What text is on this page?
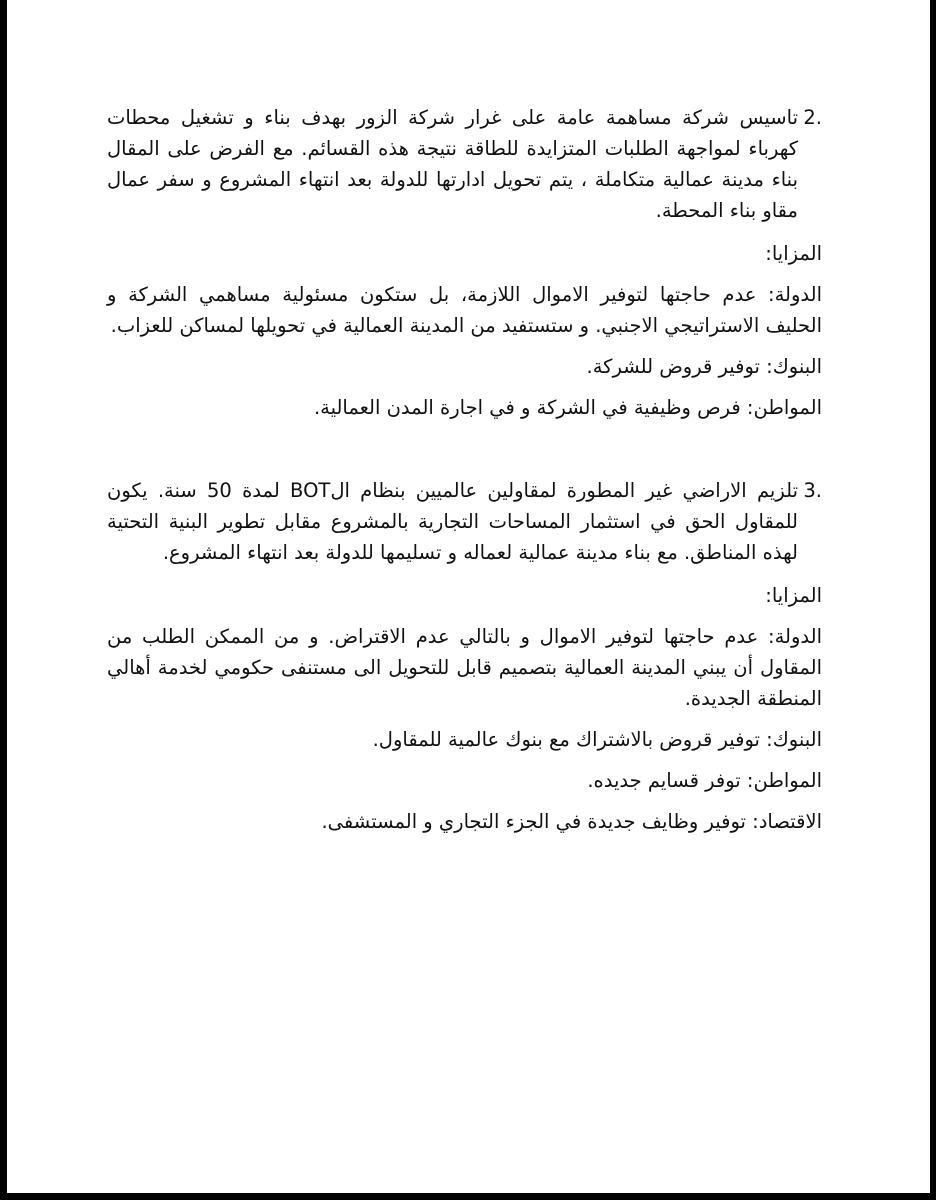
2.

تاسيس شركة مساهمة عامة على غرار شركة الزور بهدف بناء و تشغيل محطات كهرباء لمواجهة الطلبات المتزايدة للطاقة نتيجة هذه القسائم. مع الفرض على المقال بناء مدينة عمالية متكاملة ، يتم تحويل ادارتها للدولة بعد انتهاء المشروع و سفر عمال مقاو بناء المحطة.

المزايا:

الدولة: عدم حاجتها لتوفير الاموال اللازمة، بل ستكون مسئولية مساهمي الشركة و الحليف الاستراتيجي الاجنبي. و ستستفيد من المدينة العمالية في تحويلها لمساكن للعزاب.

البنوك: توفير قروض للشركة.

المواطن: فرص وظيفية في الشركة و في اجارة المدن العمالية.

3.

تلزيم الاراضي غير المطورة لمقاولين عالميين بنظام الBOT لمدة 50 سنة. يكون للمقاول الحق في استثمار المساحات التجارية بالمشروع مقابل تطوير البنية التحتية لهذه المناطق. مع بناء مدينة عمالية لعماله و تسليمها للدولة بعد انتهاء المشروع.

المزايا:

الدولة: عدم حاجتها لتوفير الاموال و بالتالي عدم الاقتراض. و من الممكن الطلب من المقاول أن يبني المدينة العمالية بتصميم قابل للتحويل الى مستنفى حكومي لخدمة أهالي المنطقة الجديدة.

البنوك: توفير قروض بالاشتراك مع بنوك عالمية للمقاول.

المواطن: توفر قسايم جديده.

الاقتصاد: توفير وظايف جديدة في الجزء التجاري و المستشفى.
